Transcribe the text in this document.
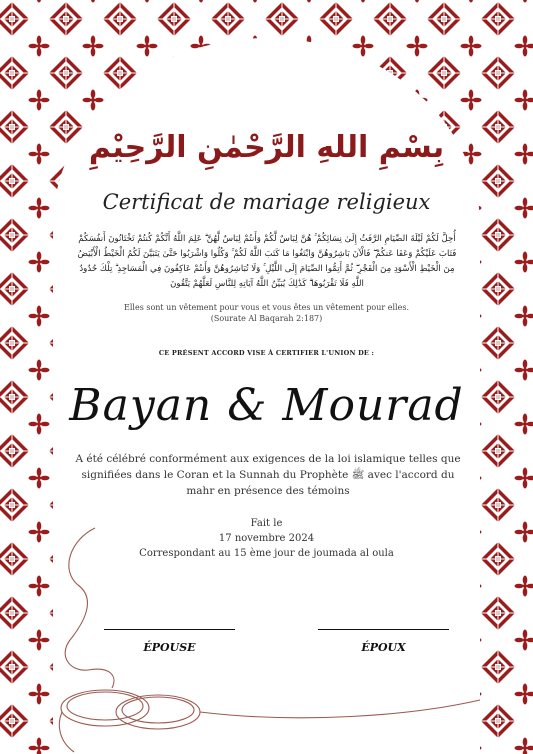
بِسْمِ اللهِ الرَّحْمٰنِ الرَّحِيْمِ
Certificat de mariage religieux
أُحِلَّ لَكُمْ لَيْلَةَ الصِّيَامِ الرَّفَثُ إِلَىٰ نِسَائِكُمْ ۚ هُنَّ لِبَاسٌ لَّكُمْ وَأَنتُمْ لِبَاسٌ لَّهُنَّ ۗ عَلِمَ اللَّهُ أَنَّكُمْ كُنتُمْ تَخْتَانُونَ أَنفُسَكُمْ فَتَابَ عَلَيْكُمْ وَعَفَا عَنكُمْ ۖ فَالْآنَ بَاشِرُوهُنَّ وَابْتَغُوا مَا كَتَبَ اللَّهُ لَكُمْ ۚ وَكُلُوا وَاشْرَبُوا حَتَّىٰ يَتَبَيَّنَ لَكُمُ الْخَيْطُ الْأَبْيَضُ مِنَ الْخَيْطِ الْأَسْوَدِ مِنَ الْفَجْرِ ۖ ثُمَّ أَتِمُّوا الصِّيَامَ إِلَى اللَّيْلِ ۚ وَلَا تُبَاشِرُوهُنَّ وَأَنتُمْ عَاكِفُونَ فِي الْمَسَاجِدِ ۗ تِلْكَ حُدُودُ اللَّهِ فَلَا تَقْرَبُوهَا ۗ كَذَٰلِكَ يُبَيِّنُ اللَّهُ آيَاتِهِ لِلنَّاسِ لَعَلَّهُمْ يَتَّقُونَ
Elles sont un vêtement pour vous et vous êtes un vêtement pour elles.
(Sourate Al Baqarah 2:187)
CE PRÉSENT ACCORD VISE À CERTIFIER L'UNION DE :
Bayan & Mourad
A été célébré conformément aux exigences de la loi islamique telles que signifiées dans le Coran et la Sunnah du Prophète ﷺ avec l'accord du mahr en présence des témoins
Fait le
17 novembre 2024
Correspondant au 15 ème jour de joumada al oula
ÉPOUSE	ÉPOUX
